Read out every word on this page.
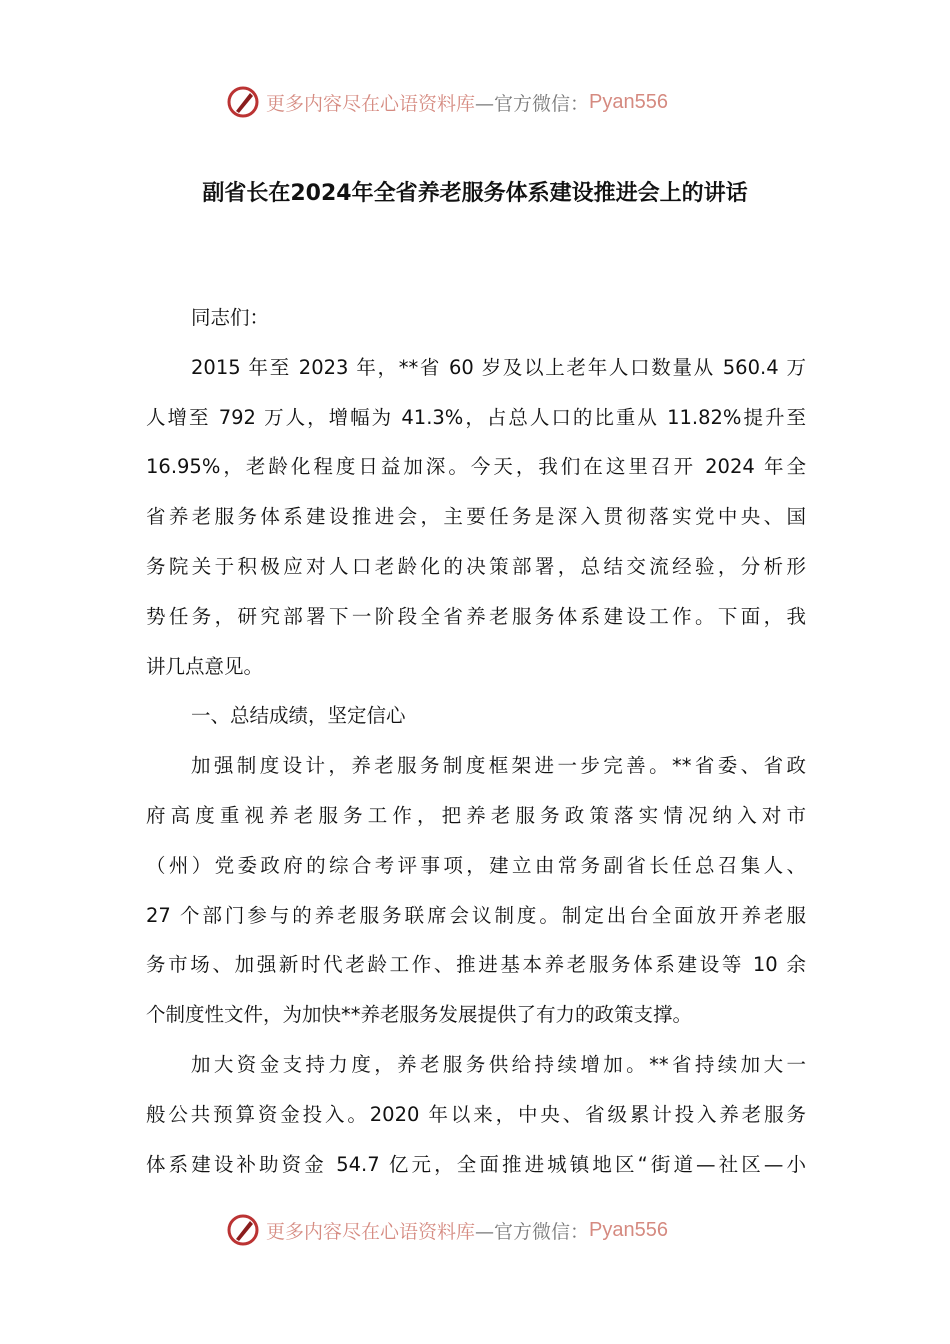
更多内容尽在心语资料库 —官方微信： Pyan556
副省长在2024年全省养老服务体系建设推进会上的讲话
同志们：
2015 年至 2023 年，**省 60 岁及以上老年人口数量从 560.4 万
人增至 792 万人，增幅为 41.3%，占总人口的比重从 11.82%提升至
16.95%，老龄化程度日益加深。今天，我们在这里召开 2024 年全
省养老服务体系建设推进会，主要任务是深入贯彻落实党中央、国
务院关于积极应对人口老龄化的决策部署，总结交流经验，分析形
势任务，研究部署下一阶段全省养老服务体系建设工作。下面，我
讲几点意见。
一、总结成绩，坚定信心
加强制度设计，养老服务制度框架进一步完善。**省委、省政
府高度重视养老服务工作，把养老服务政策落实情况纳入对市
（州）党委政府的综合考评事项，建立由常务副省长任总召集人、
27 个部门参与的养老服务联席会议制度。制定出台全面放开养老服
务市场、加强新时代老龄工作、推进基本养老服务体系建设等 10 余
个制度性文件，为加快**养老服务发展提供了有力的政策支撑。
加大资金支持力度，养老服务供给持续增加。**省持续加大一
般公共预算资金投入。2020 年以来，中央、省级累计投入养老服务
体系建设补助资金 54.7 亿元，全面推进城镇地区“街道—社区—小
更多内容尽在心语资料库 —官方微信： Pyan556
